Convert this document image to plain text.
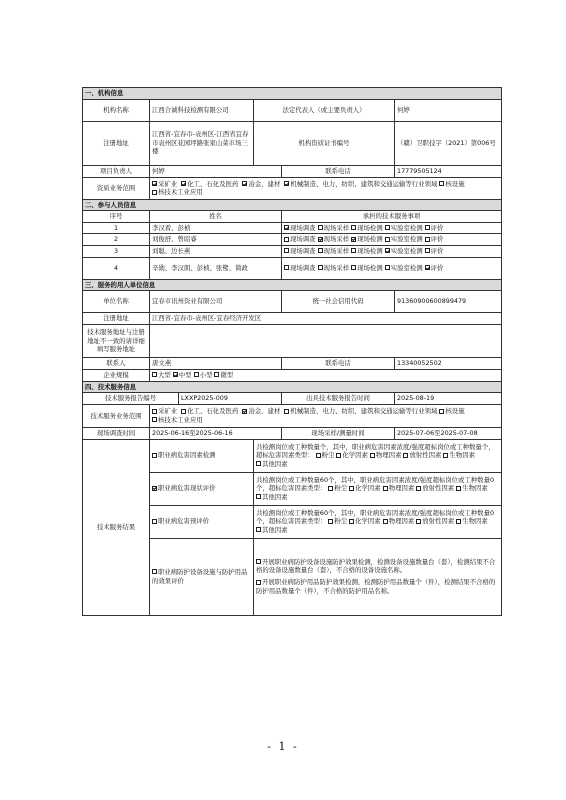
一、机构信息					
机构名称	江西合诚科技检测有限公司		法定代表人（或主要负责人）		何婷
注册地址	江西省-宜春市-袁州区-江西省宜春市袁州区花园坪路张家山菜市场三楼		机构资质证书编号		（赣）卫职技字（2021）第006号
项目负责人	何婷			联系电话	17779505124
资质业务范围	采矿业 化工、石化及医药 冶金、建材 机械制造、电力、纺织、建筑和交通运输等行业领域 核设施 核技术工业应用				
二、参与人员信息					
序号	姓名			承担的技术服务事项	
1	李汉看、彭桢			现场调查 现场采样 现场检测 实验室检测 评价	
2	刘俊舒、曾昭睿			现场调查 现场采样 现场检测 实验室检测 评价	
3	刘聪、边长燕			现场调查 现场采样 现场检测 实验室检测 评价	
4	辛勋、李汉朗、彭桢、张鹭、简政			现场调查 现场采样 现场检测 实验室检测 评价	
三、服务的用人单位信息					
单位名称	宜春市讯州资业有限公司			统一社会信用代码	91360900600899479
注册地址	江西省-宜春市-袁州区-宜春经济开发区				
技术服务地址与注册地址不一致的请详细填写服务地址					
联系人	唐文燕			联系电话	13340052502
企业规模	大型 中型 小型 微型				
四、技术服务信息					
技术服务报告编号		LXXP2025-009		出具技术服务报告时间	2025-08-19
技术服务业务范围	采矿业 化工、石化及医药 冶金、建材 机械制造、电力、纺织、建筑和交通运输等行业领域 核设施 核技术工业应用				
现场调查时间	2025-06-16至2025-06-16			现场采样/测量时间	2025-07-06至2025-07-08
技术服务结果	职业病危害因素检测		共检测岗位或工种数量个，其中，职业病危害因素浓度/强度超标岗位或工种数量个，超标危害因素类型： 粉尘 化学因素 物理因素 放射性因素 生物因素其他因素		
	职业病危害现状评价		共检测岗位或工种数量60个，其中，职业病危害因素浓度/强度超标岗位或工种数量0个，超标危害因素类型： 粉尘 化学因素 物理因素 放射性因素 生物因素其他因素		
	职业病危害预评价		共检测岗位或工种数量60个，其中，职业病危害因素浓度/强度超标岗位或工种数量0个，超标危害因素类型： 粉尘 化学因素 物理因素 放射性因素 生物因素其他因素		
	职业病防护设备设施与防护用品的效果评价		开展职业病防护设备设施防护效果检测，检测设备设施数量台（套），检测结果不合格的设备设施数量台（套），不合格的设备设施名称。
开展职业病防护用品防护效果检测，检测防护用品数量个（件），检测结果不合格的防护用品数量个（件），不合格的防护用品名称。		
- 1 -
